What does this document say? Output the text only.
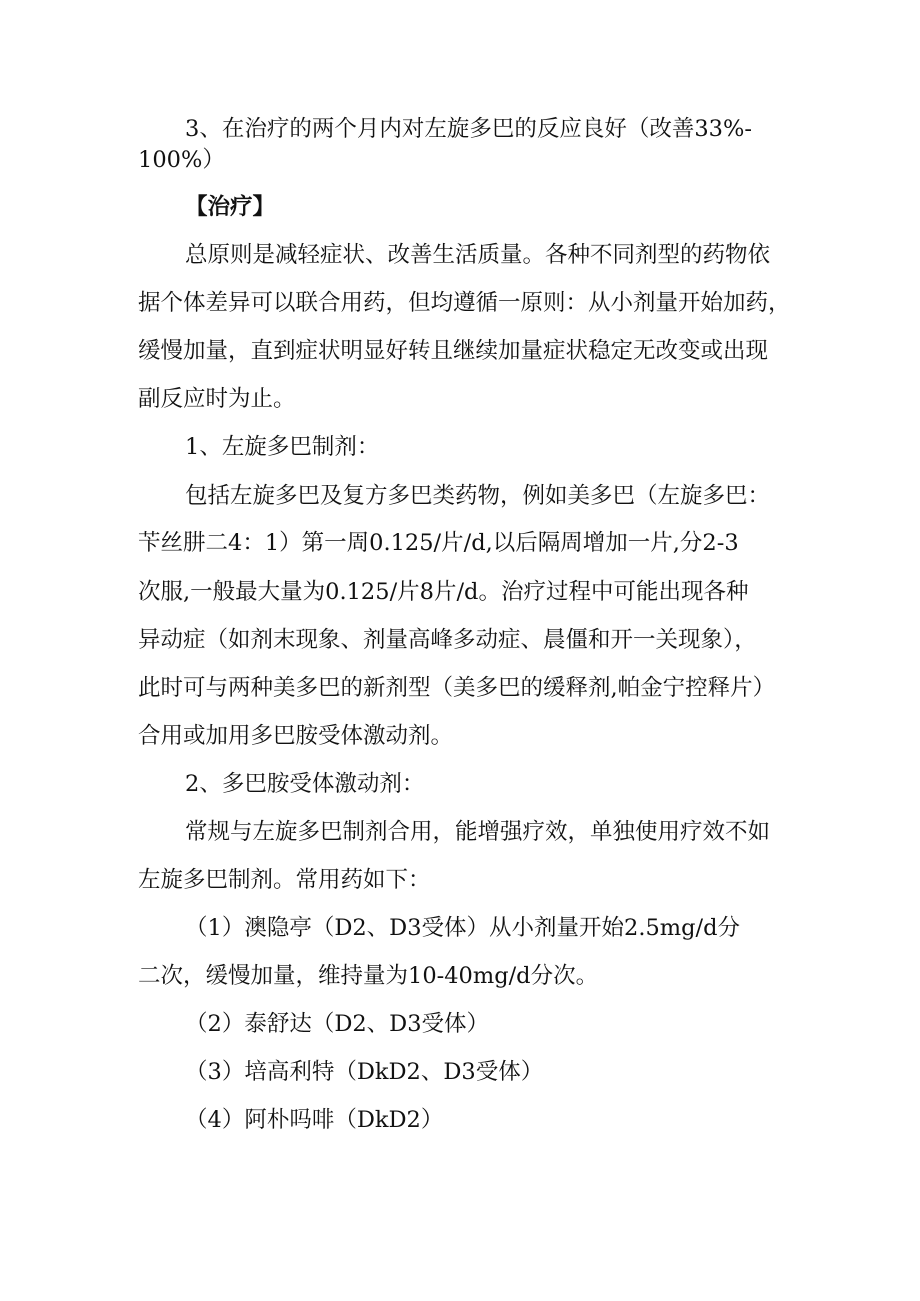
3、在治疗的两个月内对左旋多巴的反应良好（改善33%-
100%）
【治疗】
总原则是减轻症状、改善生活质量。各种不同剂型的药物依
据个体差异可以联合用药，但均遵循一原则：从小剂量开始加药，
缓慢加量，直到症状明显好转且继续加量症状稳定无改变或出现
副反应时为止。
1、左旋多巴制剂：
包括左旋多巴及复方多巴类药物，例如美多巴（左旋多巴：
苄丝肼二4：1）第一周0.125/片/d,以后隔周增加一片,分2-3
次服,一般最大量为0.125/片8片/d。治疗过程中可能出现各种
异动症（如剂末现象、剂量高峰多动症、晨僵和开一关现象），
此时可与两种美多巴的新剂型（美多巴的缓释剂,帕金宁控释片）
合用或加用多巴胺受体激动剂。
2、多巴胺受体激动剂：
常规与左旋多巴制剂合用，能增强疗效，单独使用疗效不如
左旋多巴制剂。常用药如下：
（1）澳隐亭（D2、D3受体）从小剂量开始2.5mg/d分
二次，缓慢加量，维持量为10-40mg/d分次。
（2）泰舒达（D2、D3受体）
（3）培高利特（DkD2、D3受体）
（4）阿朴吗啡（DkD2）
